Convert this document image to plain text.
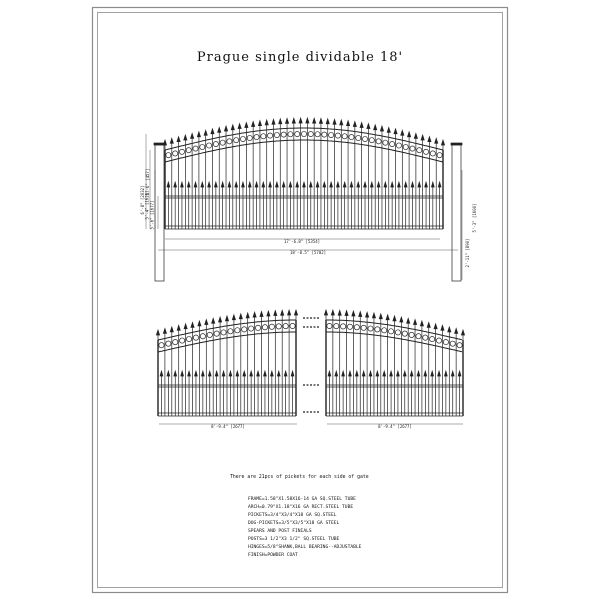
6'-8" [2032] 5'-4" [1626] 5'-6" [1677]
1'-6" [457]
5'-3" [1600]
2'-11" [890]
17'-6.8" [5354]
18'-8.5" [5702]
8'-9.4" [2677]	8'-9.4" [2677]
Prague single dividable 18'
There are 21pcs of pickets for each side of gate
FRAME=1.58"X1.58X16-14 GA SQ.STEEL TUBE
ARCH=0.79"X1.18"X16 GA RECT.STEEL TUBE
PICKETS=3/4"X3/4"X18 GA SQ.STEEL
DOG-PICKETS=3/5"X3/5"X18 GA STEEL
SPEARS AND POST FINIALS
POSTS=3 1/2"X3 1/2" SQ.STEEL TUBE
HINGES=5/8"SHANK,BALL BEARING--ADJUSTABLE
FINISH=POWDER COAT
